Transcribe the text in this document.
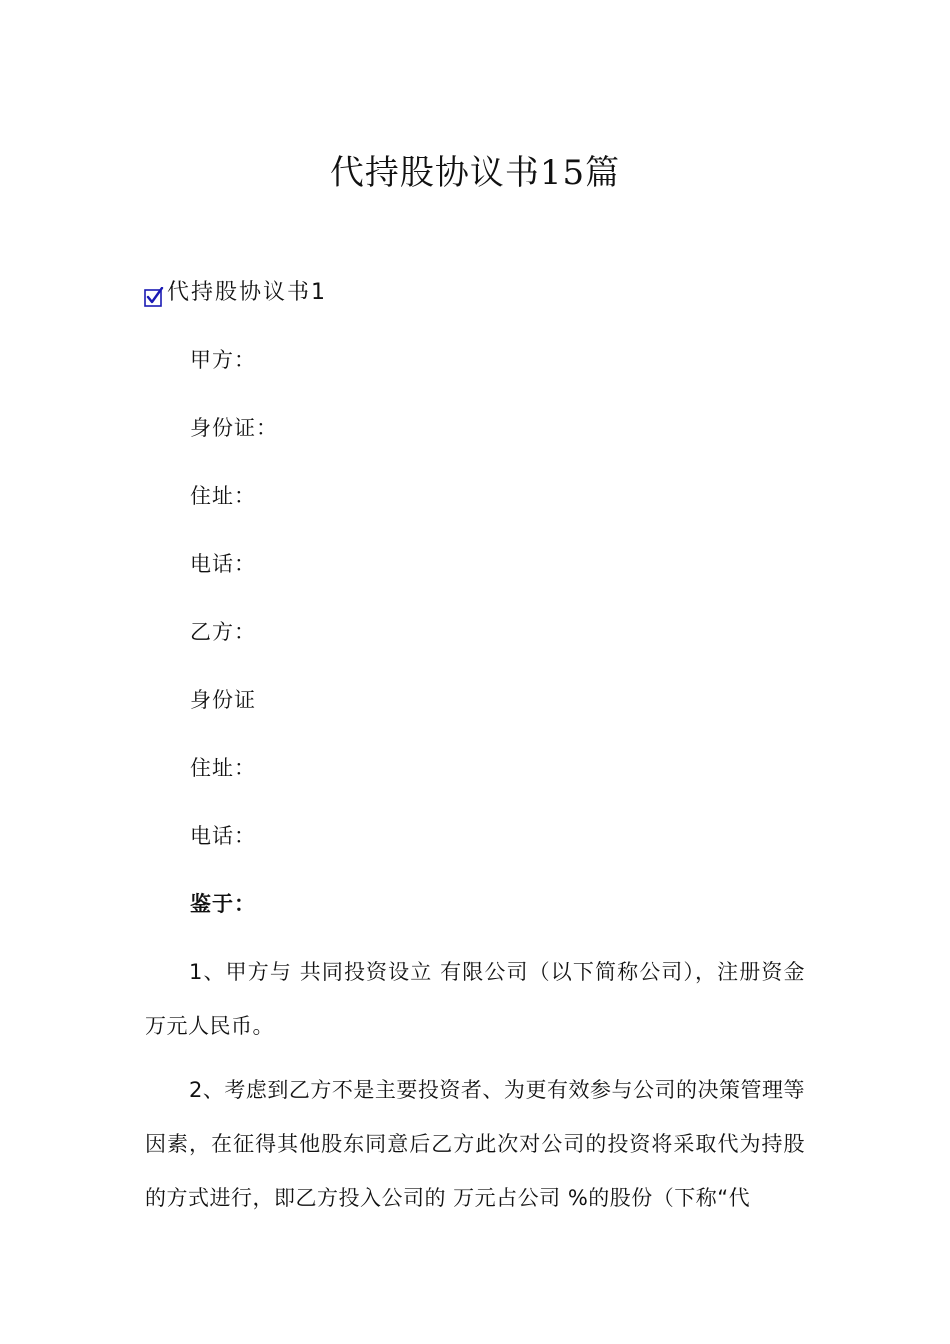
代持股协议书15篇
代持股协议书1
甲方：
身份证：
住址：
电话：
乙方：
身份证
住址：
电话：
鉴于：

1、甲方与 共同投资设立 有限公司（以下简称公司），注册资金 万元人民币。

2、考虑到乙方不是主要投资者、为更有效参与公司的决策管理等因素，在征得其他股东同意后乙方此次对公司的投资将采取代为持股的方式进行，即乙方投入公司的 万元占公司 %的股份（下称“代
